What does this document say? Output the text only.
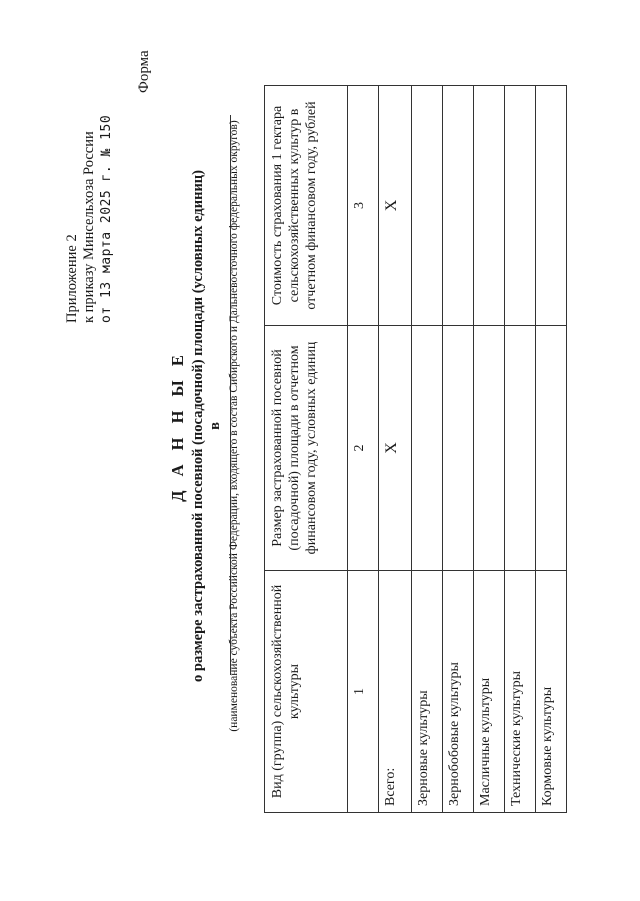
Форма
Приложение 2 к приказу Минсельхоза России от 13 марта 2025 г. № 150
Д А Н Н Ы Е о размере застрахованной посевной (посадочной) площади (условных единиц) в (наименование субъекта Российской Федерации, входящего в состав Сибирского и Дальневосточного федеральных округов) Вид (группа) сельскохозяйственной культуры	Размер застрахованной посевной (посадочной) площади в отчетном финансовом году, условных единиц	Стоимость страхования 1 гектара сельскохозяйственных культур в отчетном финансовом году, рублей
1	2	3
Всего:	X	X
Зерновые культуры		
Зернобобовые культуры		
Масличные культуры		
Технические культуры		
Кормовые культуры		
